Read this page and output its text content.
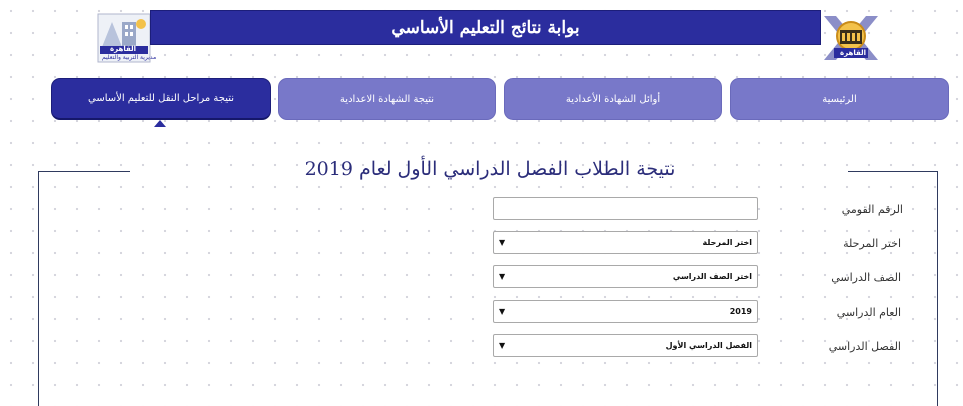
القاهرة
مديرية التربية والتعليم
بوابة نتائج التعليم الأساسي
القاهرة
نتيجة مراحل النقل للتعليم الأساسي	نتيجة الشهادة الاعدادية	أوائل الشهادة الأعدادية	الرئيسية
نتيجة الطلاب الفصل الدراسي الأول لعام 2019
الرقم القومي
اختر المرحلة
▼	اختر المرحلة
الصف الدراسي
▼	اختر الصف الدراسي
العام الدراسي
▼	2019
الفصل الدراسي
▼	الفصل الدراسي الأول
